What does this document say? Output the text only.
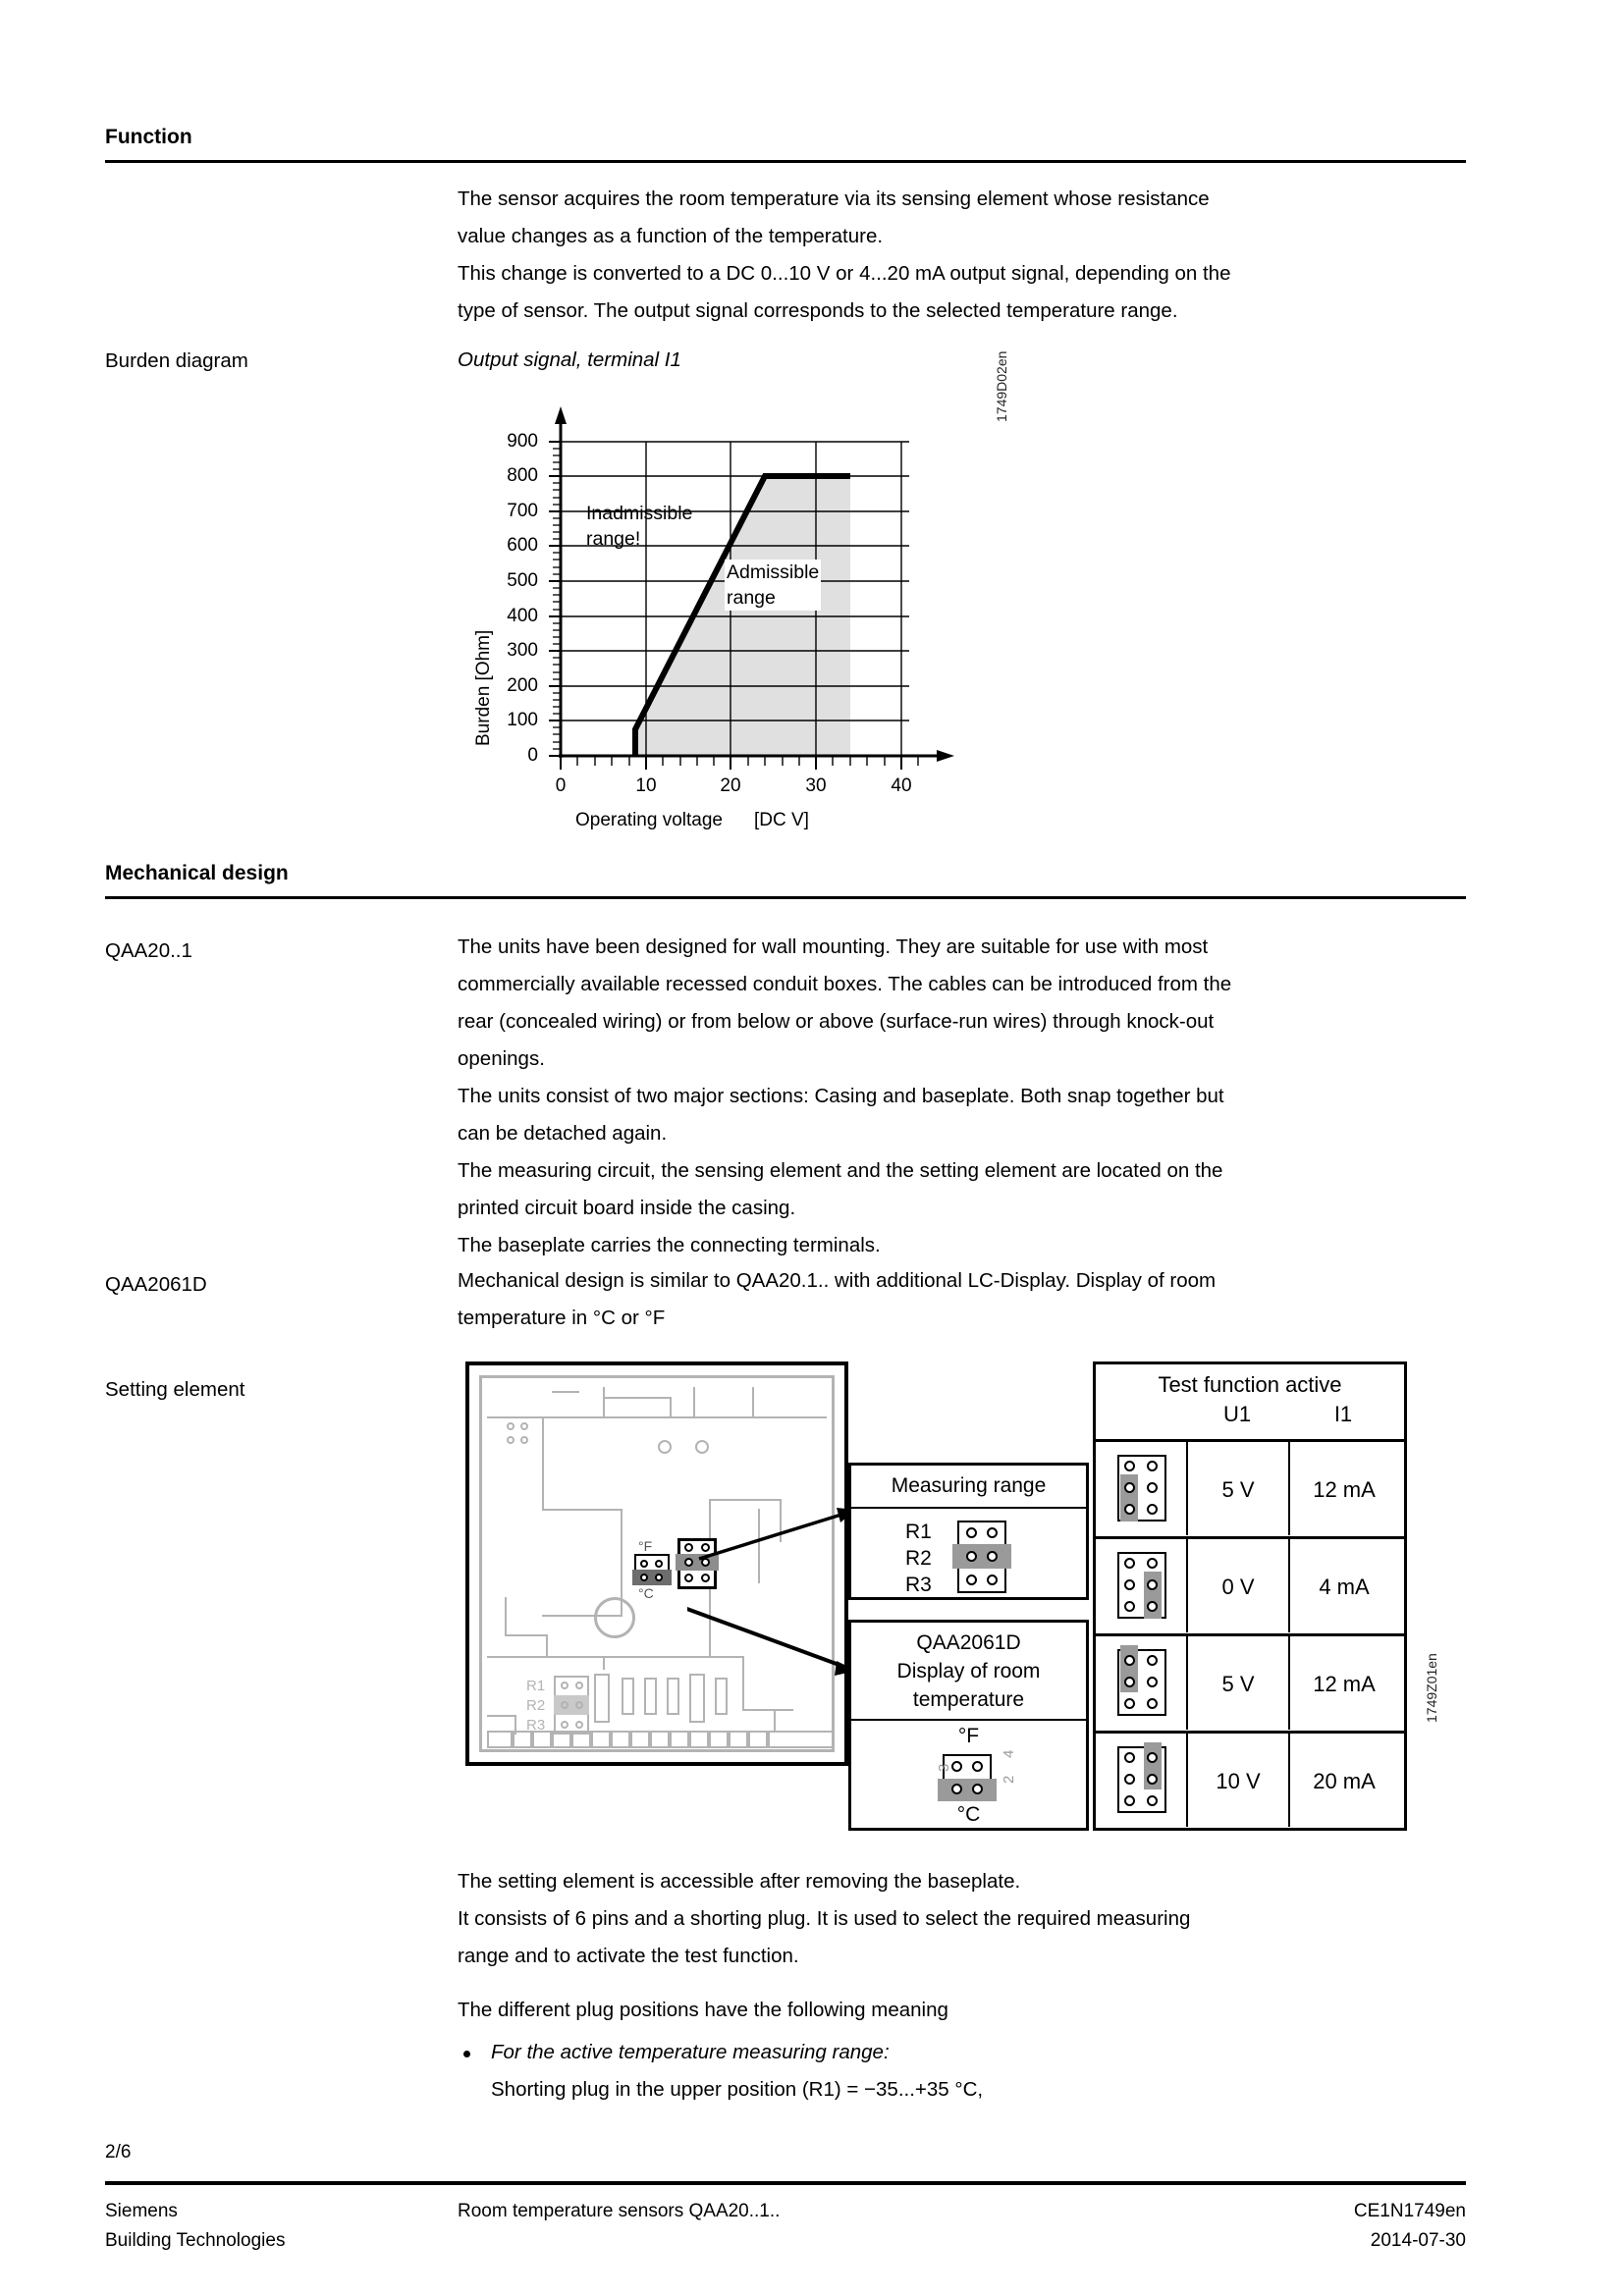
Function

The sensor acquires the room temperature via its sensing element whose resistance

value changes as a function of the temperature.

This change is converted to a DC 0...10 V or 4...20 mA output signal, depending on the

type of sensor. The output signal corresponds to the selected temperature range.

Burden diagram	Output signal, terminal I1
Burden [Ohm]
900
800
700
600
500
400
300
200
100
0
0	10	20	30	40
Operating voltage [DC V]
Inadmissible
range!
Admissible
range
1749D02en
Mechanical design
QAA20..1	The units have been designed for wall mounting. They are suitable for use with most

commercially available recessed conduit boxes. The cables can be introduced from the

rear (concealed wiring) or from below or above (surface-run wires) through knock-out

openings.

The units consist of two major sections: Casing and baseplate. Both snap together but

can be detached again.

The measuring circuit, the sensing element and the setting element are located on the

printed circuit board inside the casing.

The baseplate carries the connecting terminals.

QAA2061D	Mechanical design is similar to QAA20.1.. with additional LC-Display. Display of room

temperature in °C or °F

Setting element
R1
R2
R3
°F
°C
Measuring range
R1
R2
R3
QAA2061D
Display of room
temperature
°F
3
1
4
2
°C
Test function active
U1	I1
5 V	12 mA
0 V	4 mA
5 V	12 mA
10 V	20 mA
1749Z01en

The setting element is accessible after removing the baseplate.

It consists of 6 pins and a shorting plug. It is used to select the required measuring

range and to activate the test function.

The different plug positions have the following meaning
For the active temperature measuring range:
Shorting plug in the upper position (R1) = −35...+35 °C,
2/6
Siemens
Building Technologies
Room temperature sensors QAA20..1..	CE1N1749en
2014-07-30
